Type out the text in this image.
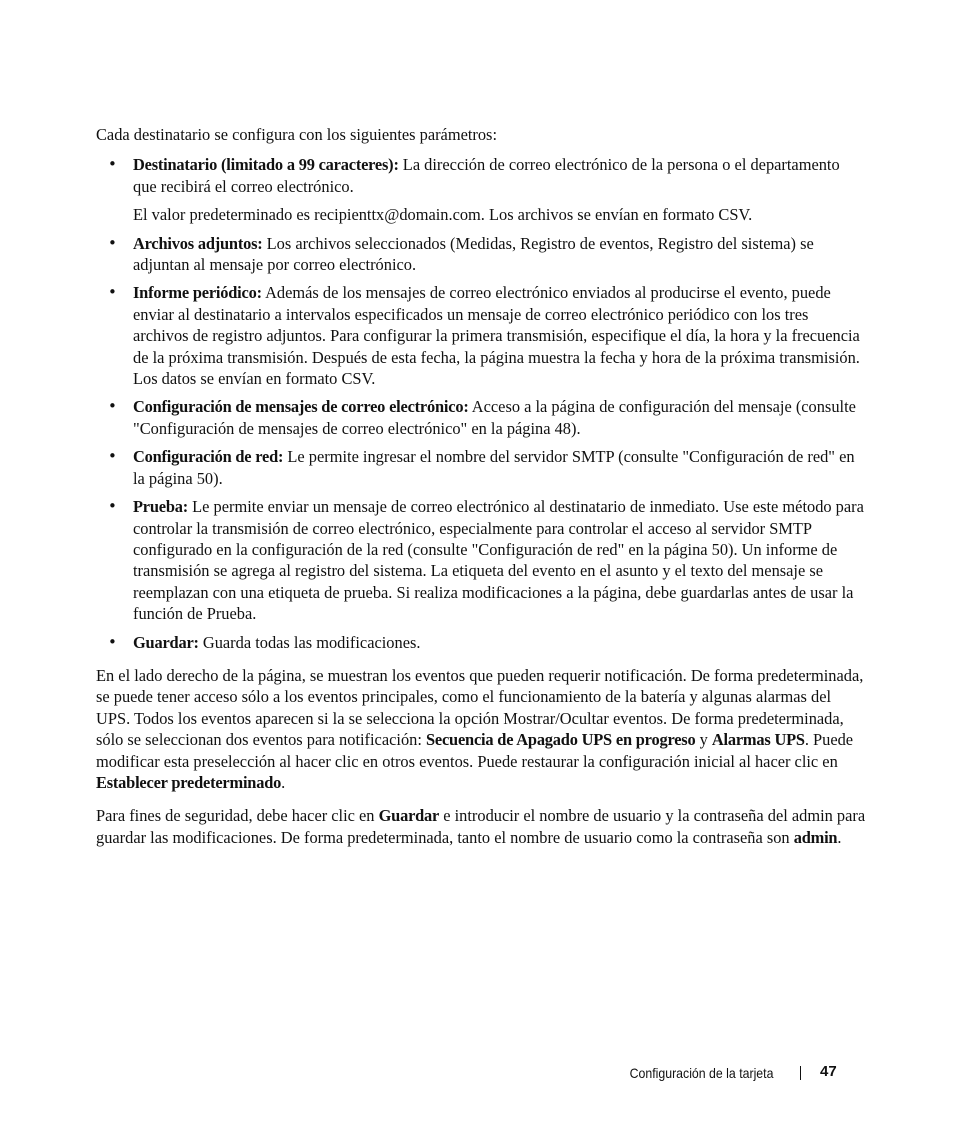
Cada destinatario se configura con los siguientes parámetros:

• Destinatario (limitado a 99 caracteres): La dirección de correo electrónico de la persona o el departamento que recibirá el correo electrónico.

El valor predeterminado es recipienttx@domain.com. Los archivos se envían en formato CSV.

• Archivos adjuntos: Los archivos seleccionados (Medidas, Registro de eventos, Registro del sistema) se adjuntan al mensaje por correo electrónico.
• Informe periódico: Además de los mensajes de correo electrónico enviados al producirse el evento, puede enviar al destinatario a intervalos especificados un mensaje de correo electrónico periódico con los tres archivos de registro adjuntos. Para configurar la primera transmisión, especifique el día, la hora y la frecuencia de la próxima transmisión. Después de esta fecha, la página muestra la fecha y hora de la próxima transmisión. Los datos se envían en formato CSV.
• Configuración de mensajes de correo electrónico: Acceso a la página de configuración del mensaje (consulte "Configuración de mensajes de correo electrónico" en la página 48).
• Configuración de red: Le permite ingresar el nombre del servidor SMTP (consulte "Configuración de red" en la página 50).
• Prueba: Le permite enviar un mensaje de correo electrónico al destinatario de inmediato. Use este método para controlar la transmisión de correo electrónico, especialmente para controlar el acceso al servidor SMTP configurado en la configuración de la red (consulte "Configuración de red" en la página 50). Un informe de transmisión se agrega al registro del sistema. La etiqueta del evento en el asunto y el texto del mensaje se reemplazan con una etiqueta de prueba. Si realiza modificaciones a la página, debe guardarlas antes de usar la función de Prueba.
• Guardar: Guarda todas las modificaciones.

En el lado derecho de la página, se muestran los eventos que pueden requerir notificación. De forma predeterminada, se puede tener acceso sólo a los eventos principales, como el funcionamiento de la batería y algunas alarmas del UPS. Todos los eventos aparecen si la se selecciona la opción Mostrar/Ocultar eventos. De forma predeterminada, sólo se seleccionan dos eventos para notificación: Secuencia de Apagado UPS en progreso y Alarmas UPS. Puede modificar esta preselección al hacer clic en otros eventos. Puede restaurar la configuración inicial al hacer clic en Establecer predeterminado.

Para fines de seguridad, debe hacer clic en Guardar e introducir el nombre de usuario y la contraseña del admin para guardar las modificaciones. De forma predeterminada, tanto el nombre de usuario como la contraseña son admin.

Configuración de la tarjeta	47
